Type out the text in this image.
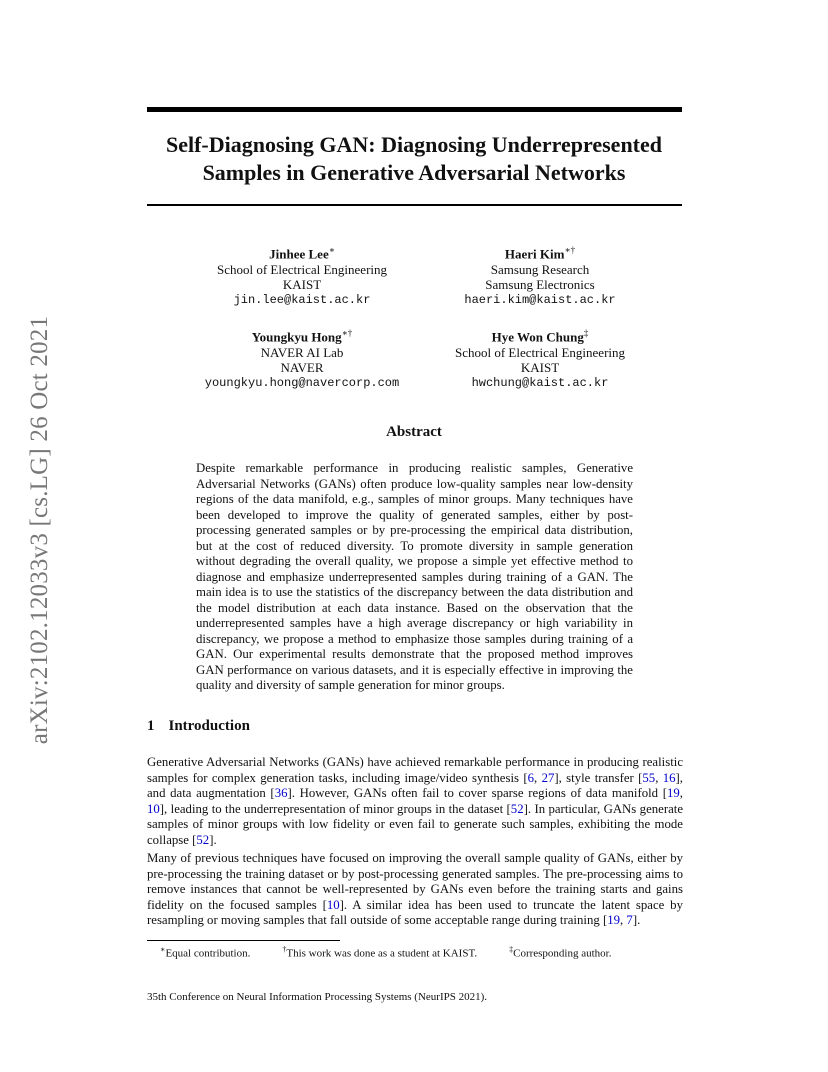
arXiv:2102.12033v3 [cs.LG] 26 Oct 2021
Self-Diagnosing GAN: Diagnosing Underrepresented Samples in Generative Adversarial Networks
Jinhee Lee∗
School of Electrical Engineering
KAIST
jin.lee@kaist.ac.kr
Haeri Kim∗†
Samsung Research
Samsung Electronics
haeri.kim@kaist.ac.kr
Youngkyu Hong∗†
NAVER AI Lab
NAVER
youngkyu.hong@navercorp.com
Hye Won Chung‡
School of Electrical Engineering
KAIST
hwchung@kaist.ac.kr
Abstract
Despite remarkable performance in producing realistic samples, Generative Adversarial Networks (GANs) often produce low-quality samples near low-density regions of the data manifold, e.g., samples of minor groups. Many techniques have been developed to improve the quality of generated samples, either by post-processing generated samples or by pre-processing the empirical data distribution, but at the cost of reduced diversity. To promote diversity in sample generation without degrading the overall quality, we propose a simple yet effective method to diagnose and emphasize underrepresented samples during training of a GAN. The main idea is to use the statistics of the discrepancy between the data distribution and the model distribution at each data instance. Based on the observation that the underrepresented samples have a high average discrepancy or high variability in discrepancy, we propose a method to emphasize those samples during training of a GAN. Our experimental results demonstrate that the proposed method improves GAN performance on various datasets, and it is especially effective in improving the quality and diversity of sample generation for minor groups.
1 Introduction
Generative Adversarial Networks (GANs) have achieved remarkable performance in producing realistic samples for complex generation tasks, including image/video synthesis [6, 27], style transfer [55, 16], and data augmentation [36]. However, GANs often fail to cover sparse regions of data manifold [19, 10], leading to the underrepresentation of minor groups in the dataset [52]. In particular, GANs generate samples of minor groups with low fidelity or even fail to generate such samples, exhibiting the mode collapse [52].
Many of previous techniques have focused on improving the overall sample quality of GANs, either by pre-processing the training dataset or by post-processing generated samples. The pre-processing aims to remove instances that cannot be well-represented by GANs even before the training starts and gains fidelity on the focused samples [10]. A similar idea has been used to truncate the latent space by resampling or moving samples that fall outside of some acceptable range during training [19, 7].
∗Equal contribution.	†This work was done as a student at KAIST.	‡Corresponding author.
35th Conference on Neural Information Processing Systems (NeurIPS 2021).
